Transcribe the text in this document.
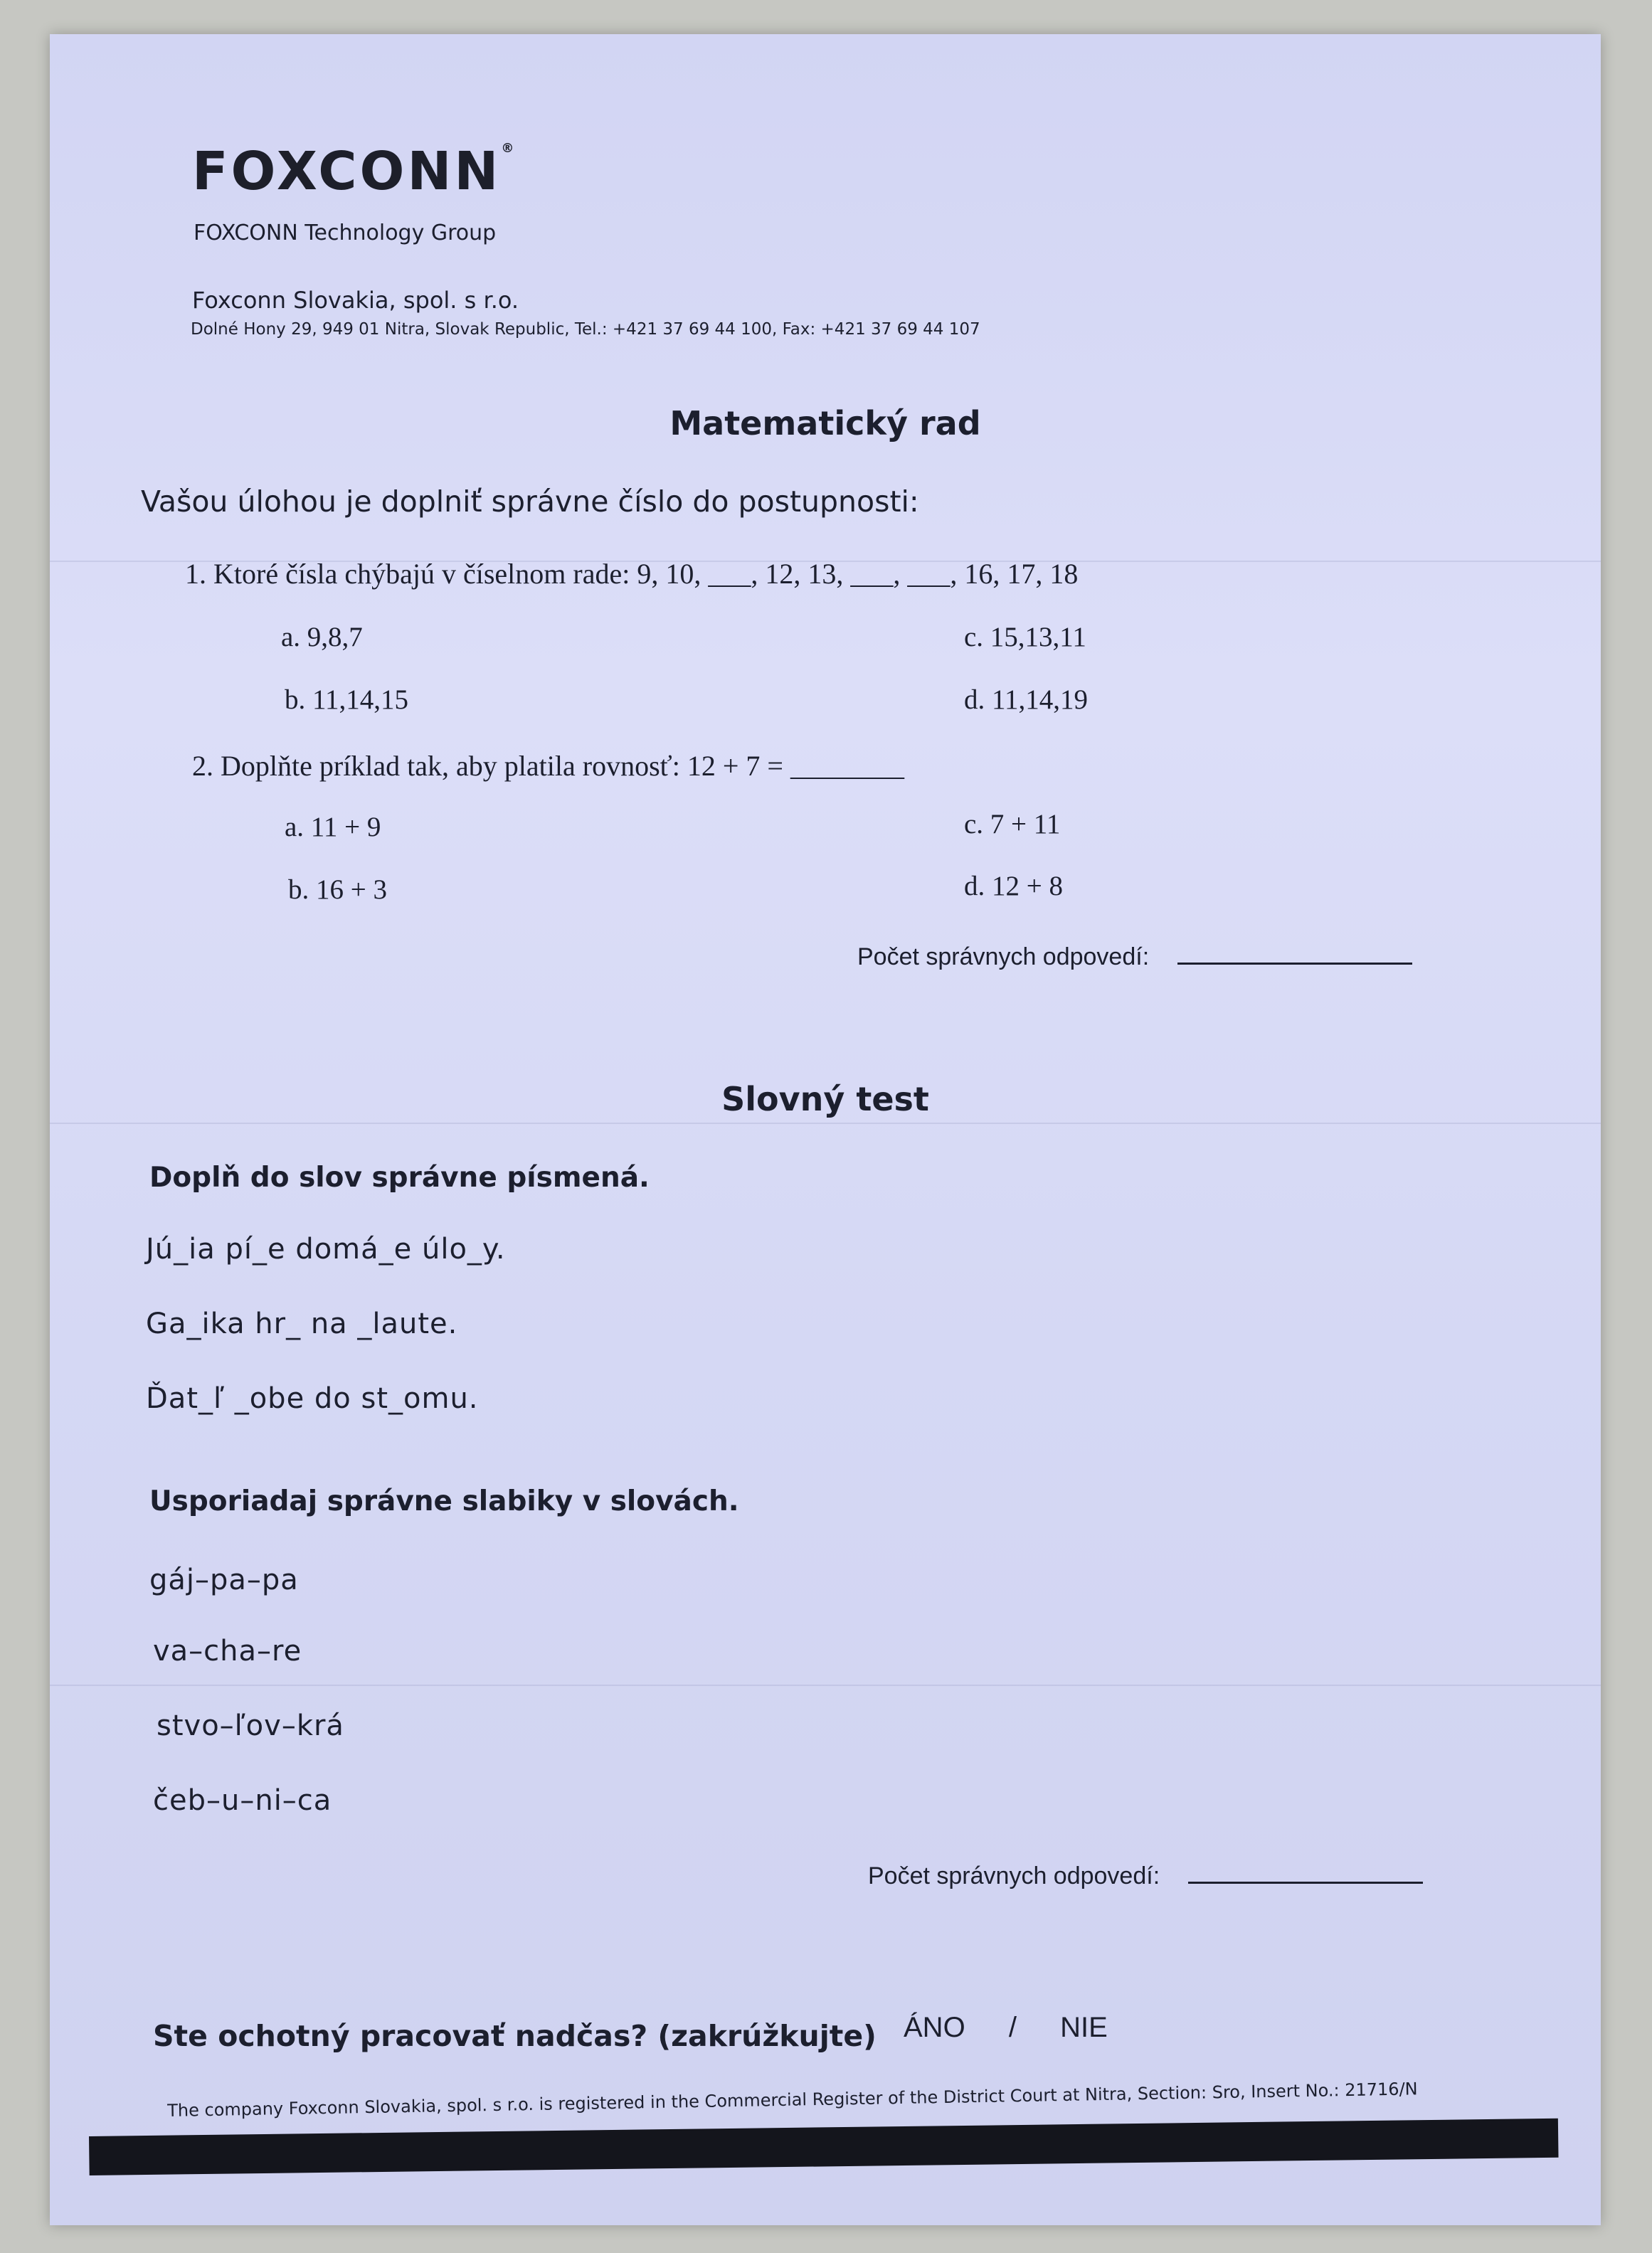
FOXCONN®
FOXCONN Technology Group
Foxconn Slovakia, spol. s r.o.
Dolné Hony 29, 949 01 Nitra, Slovak Republic, Tel.: +421 37 69 44 100, Fax: +421 37 69 44 107
Matematický rad
Vašou úlohou je doplniť správne číslo do postupnosti:
1. Ktoré čísla chýbajú v číselnom rade: 9, 10, ___, 12, 13, ___, ___, 16, 17, 18
a. 9,8,7	c. 15,13,11
b. 11,14,15	d. 11,14,19
2. Doplňte príklad tak, aby platila rovnosť: 12 + 7 = ________
a. 11 + 9	c. 7 + 11
b. 16 + 3	d. 12 + 8
Počet správnych odpovedí:
Slovný test
Doplň do slov správne písmená.
Jú_ia pí_e domá_e úlo_y.
Ga_ika hr_ na _laute.
Ďat_ľ _obe do st_omu.
Usporiadaj správne slabiky v slovách.
gáj–pa–pa
va–cha–re
stvo–ľov–krá
čeb–u–ni–ca
Počet správnych odpovedí:
Ste ochotný pracovať nadčas? (zakrúžkujte) ÁNO / NIE
The company Foxconn Slovakia, spol. s r.o. is registered in the Commercial Register of the District Court at Nitra, Section: Sro, Insert No.: 21716/N
